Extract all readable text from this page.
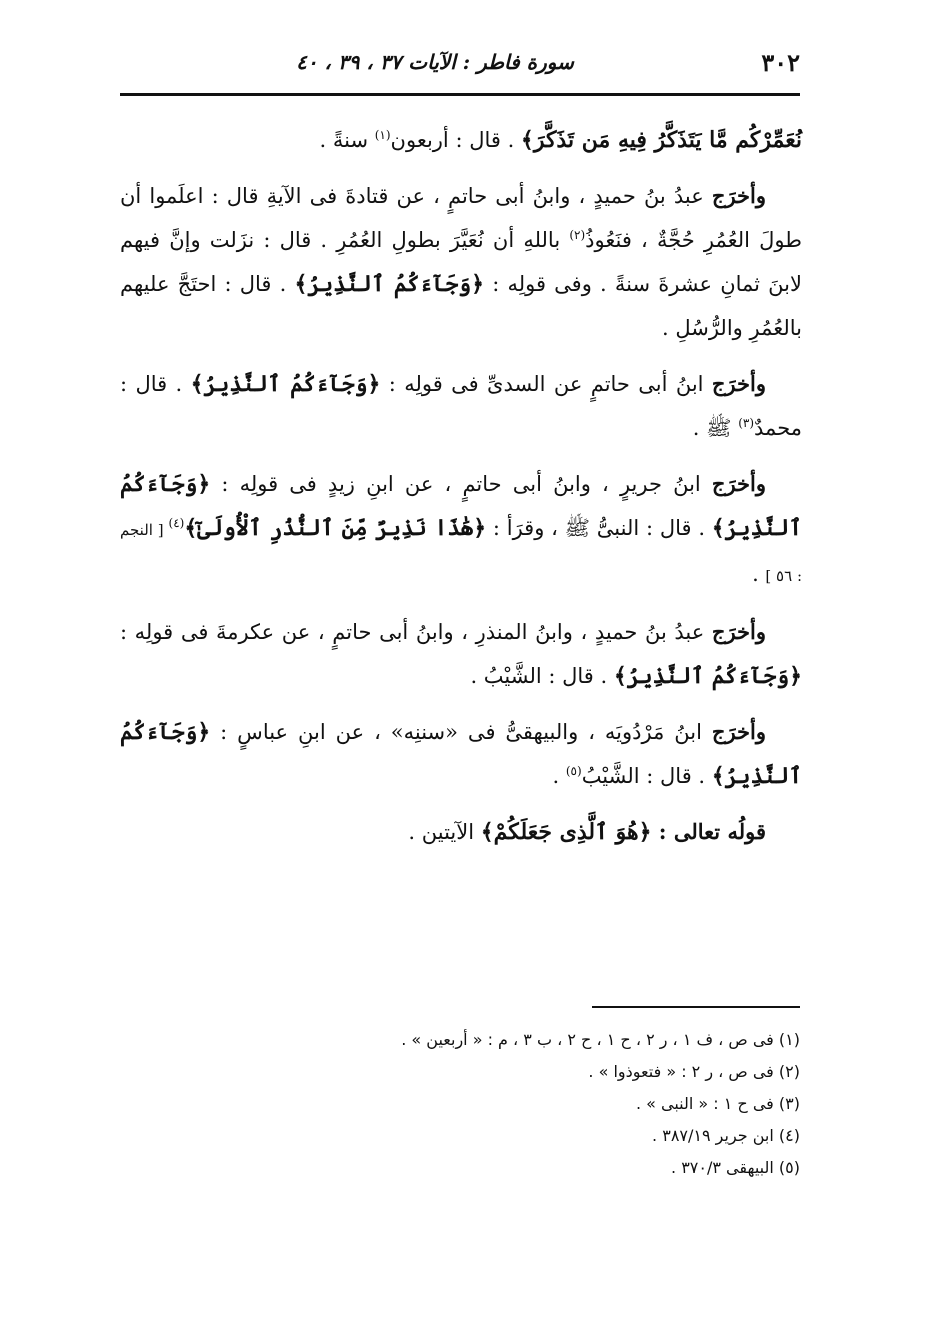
٣٠٢
سورة فاطر : الآيات ٣٧ ، ٣٩ ، ٤٠

نُعَمِّرْكُم مَّا يَتَذَكَّرُ فِيهِ مَن تَذَكَّرَ﴾ . قال : أربعون$^{(١)}$ سنةً .

وأخرَج عبدُ بنُ حميدٍ ، وابنُ أبى حاتمٍ ، عن قتادةَ فى الآيةِ قال : اعلَموا أن طولَ العُمُرِ حُجَّةٌ ، فنَعُوذُ$^{(٢)}$ باللهِ أن نُعَيَّرَ بطولِ العُمُرِ . قال : نزَلت وإنَّ فيهم لابنَ ثمانِ عشرةَ سنةً . وفى قولِه : ﴿وَجَآءَكُمُ ٱلنَّذِيرُ﴾ . قال : احتَجَّ عليهم بالعُمُرِ والرُّسُلِ .

وأخرَج ابنُ أبى حاتمٍ عن السدىِّ فى قولِه : ﴿وَجَآءَكُمُ ٱلنَّذِيرُ﴾ . قال : محمدٌ$^{(٣)}$ ﷺ .

وأخرَج ابنُ جريرٍ ، وابنُ أبى حاتمٍ ، عن ابنِ زيدٍ فى قولِه : ﴿وَجَآءَكُمُ ٱلنَّذِيرُ﴾ . قال : النبىُّ ﷺ ، وقرَأ : ﴿هَٰذَا نَذِيرٌ مِّنَ ٱلنُّذُرِ ٱلْأُولَىٰٓ﴾$^{(٤)}$ [ النجم : ٥٦ ] .

وأخرَج عبدُ بنُ حميدٍ ، وابنُ المنذرِ ، وابنُ أبى حاتمٍ ، عن عكرمةَ فى قولِه : ﴿وَجَآءَكُمُ ٱلنَّذِيرُ﴾ . قال : الشَّيْبُ .

وأخرَج ابنُ مَرْدُويَه ، والبيهقىُّ فى «سننِه» ، عن ابنِ عباسٍ : ﴿وَجَآءَكُمُ ٱلنَّذِيرُ﴾ . قال : الشَّيْبُ$^{(٥)}$ .

قولُه تعالى : ﴿هُوَ ٱلَّذِى جَعَلَكُمْ﴾ الآيتين .

(١) فى ص ، ف ١ ، ر ٢ ، ح ١ ، ح ٢ ، ب ٣ ، م : « أربعين » .
(٢) فى ص ، ر ٢ : « فتعوذوا » .
(٣) فى ح ١ : « النبى » .
(٤) ابن جرير ٣٨٧/١٩ .
(٥) البيهقى ٣٧٠/٣ .
